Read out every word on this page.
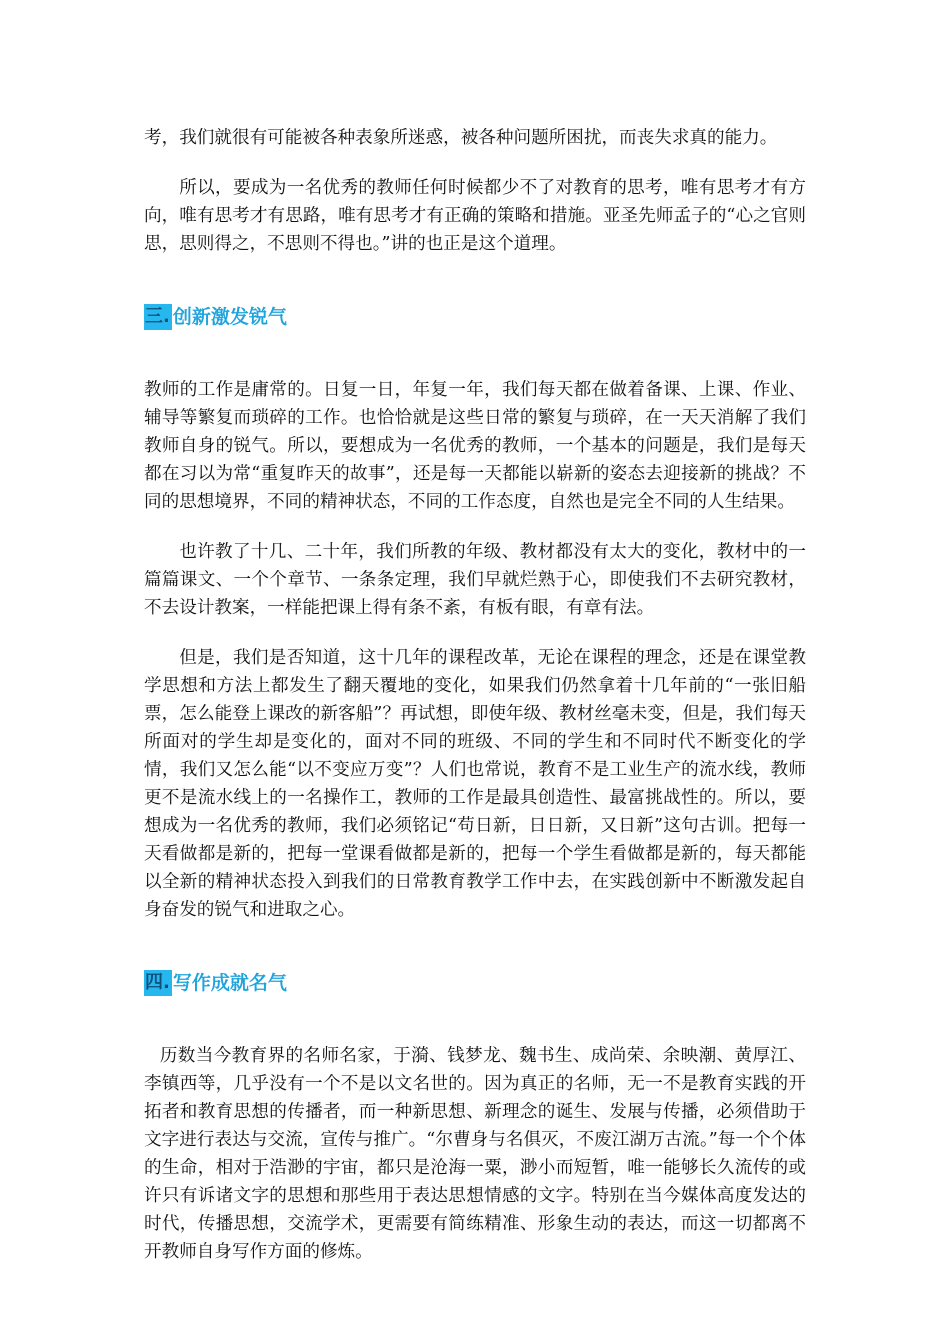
考，我们就很有可能被各种表象所迷惑，被各种问题所困扰，而丧失求真的能力。

所以，要成为一名优秀的教师任何时候都少不了对教育的思考，唯有思考才有方向，唯有思考才有思路，唯有思考才有正确的策略和措施。亚圣先师孟子的“心之官则思，思则得之，不思则不得也。”讲的也正是这个道理。

三. 创新激发锐气

教师的工作是庸常的。日复一日，年复一年，我们每天都在做着备课、上课、作业、辅导等繁复而琐碎的工作。也恰恰就是这些日常的繁复与琐碎，在一天天消解了我们教师自身的锐气。所以，要想成为一名优秀的教师，一个基本的问题是，我们是每天都在习以为常“重复昨天的故事”，还是每一天都能以崭新的姿态去迎接新的挑战？不同的思想境界，不同的精神状态，不同的工作态度，自然也是完全不同的人生结果。

也许教了十几、二十年，我们所教的年级、教材都没有太大的变化，教材中的一篇篇课文、一个个章节、一条条定理，我们早就烂熟于心，即使我们不去研究教材，不去设计教案，一样能把课上得有条不紊，有板有眼，有章有法。

但是，我们是否知道，这十几年的课程改革，无论在课程的理念，还是在课堂教学思想和方法上都发生了翻天覆地的变化，如果我们仍然拿着十几年前的“一张旧船票，怎么能登上课改的新客船”？再试想，即使年级、教材丝毫未变，但是，我们每天所面对的学生却是变化的，面对不同的班级、不同的学生和不同时代不断变化的学情，我们又怎么能“以不变应万变”？人们也常说，教育不是工业生产的流水线，教师更不是流水线上的一名操作工，教师的工作是最具创造性、最富挑战性的。所以，要想成为一名优秀的教师，我们必须铭记“苟日新，日日新，又日新”这句古训。把每一天看做都是新的，把每一堂课看做都是新的，把每一个学生看做都是新的，每天都能以全新的精神状态投入到我们的日常教育教学工作中去，在实践创新中不断激发起自身奋发的锐气和进取之心。

四. 写作成就名气

历数当今教育界的名师名家，于漪、钱梦龙、魏书生、成尚荣、余映潮、黄厚江、李镇西等，几乎没有一个不是以文名世的。因为真正的名师，无一不是教育实践的开拓者和教育思想的传播者，而一种新思想、新理念的诞生、发展与传播，必须借助于文字进行表达与交流，宣传与推广。“尔曹身与名俱灭，不废江湖万古流。”每一个个体的生命，相对于浩渺的宇宙，都只是沧海一粟，渺小而短暂，唯一能够长久流传的或许只有诉诸文字的思想和那些用于表达思想情感的文字。特别在当今媒体高度发达的时代，传播思想，交流学术，更需要有简练精准、形象生动的表达，而这一切都离不开教师自身写作方面的修炼。
